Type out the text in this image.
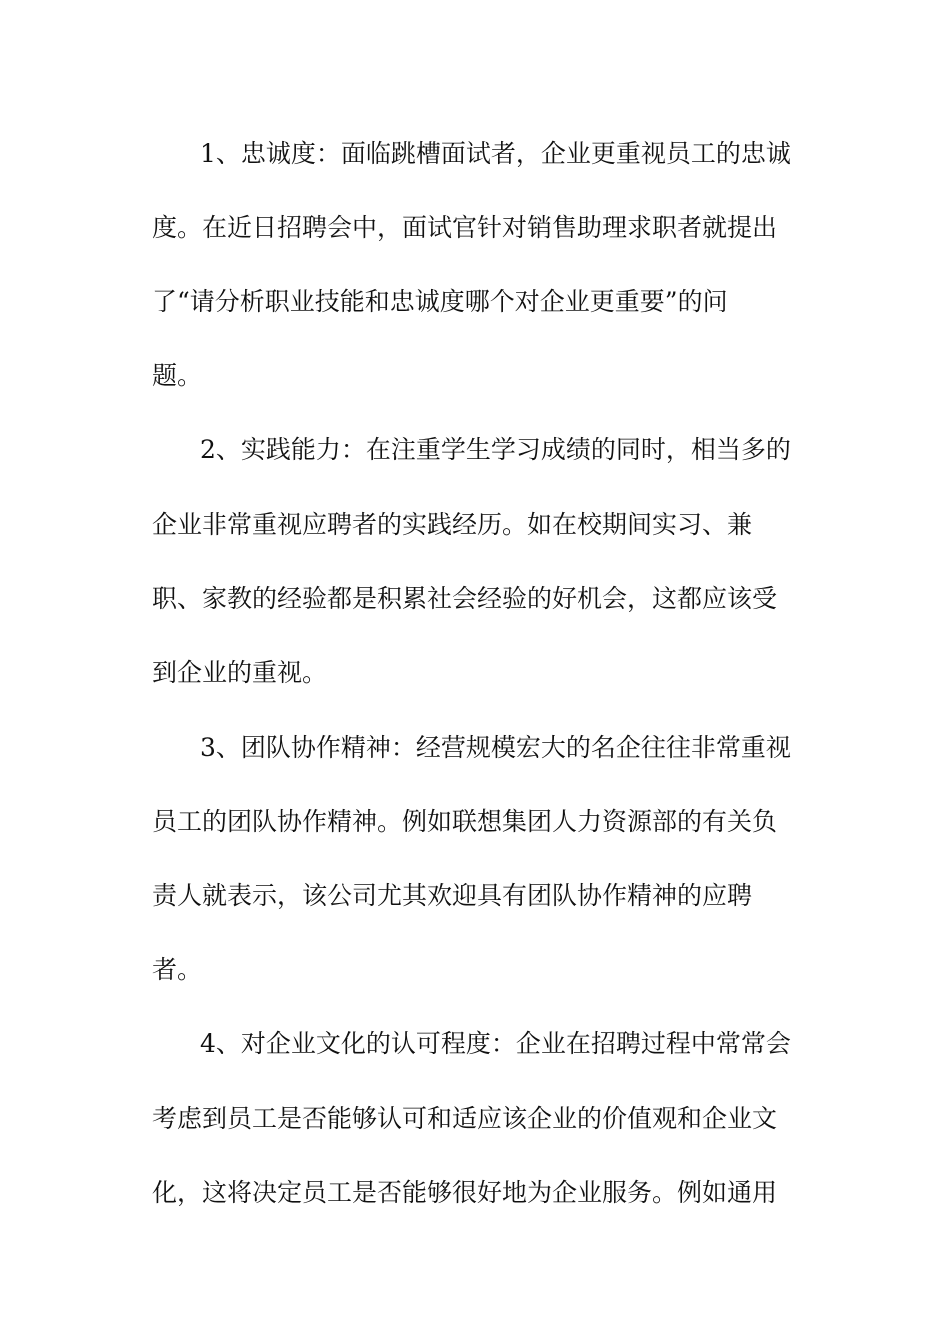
1、忠诚度：面临跳槽面试者，企业更重视员工的忠诚
度。在近日招聘会中，面试官针对销售助理求职者就提出
了“请分析职业技能和忠诚度哪个对企业更重要”的问
题。
2、实践能力：在注重学生学习成绩的同时，相当多的
企业非常重视应聘者的实践经历。如在校期间实习、兼
职、家教的经验都是积累社会经验的好机会，这都应该受
到企业的重视。
3、团队协作精神：经营规模宏大的名企往往非常重视
员工的团队协作精神。例如联想集团人力资源部的有关负
责人就表示，该公司尤其欢迎具有团队协作精神的应聘
者。
4、对企业文化的认可程度：企业在招聘过程中常常会
考虑到员工是否能够认可和适应该企业的价值观和企业文
化，这将决定员工是否能够很好地为企业服务。例如通用
